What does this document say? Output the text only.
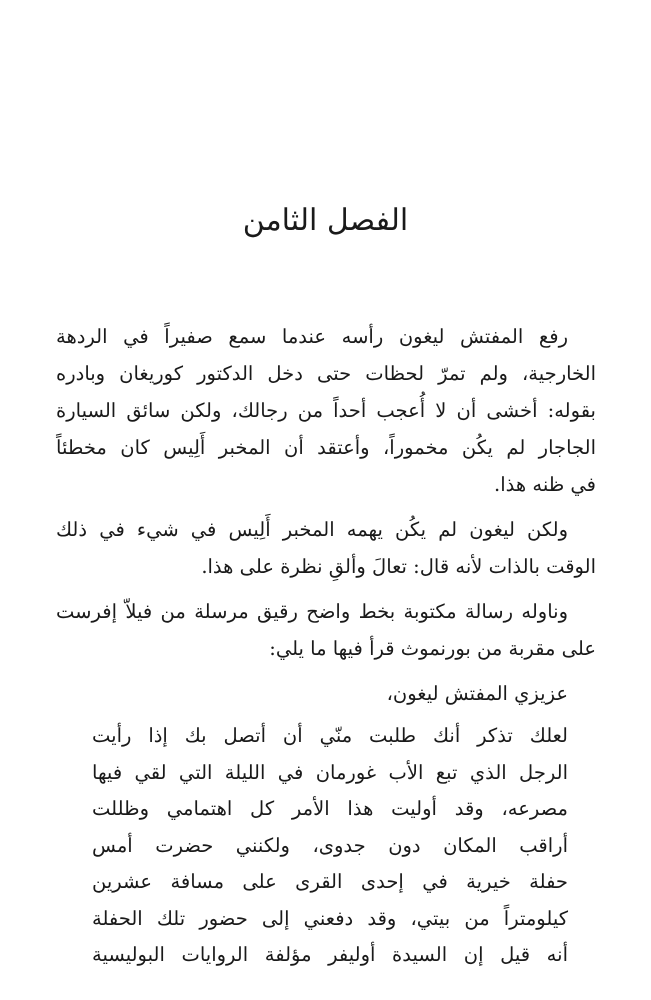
الفصل الثامن

رفع المفتش ليغون رأسه عندما سمع صفيراً في الردهة
الخارجية، ولم تمرّ لحظات حتى دخل الدكتور كوريغان وبادره
بقوله: أخشى أن لا أُعجب أحداً من رجالك، ولكن سائق السيارة
الجاجار لم يكُن مخموراً، وأعتقد أن المخبر أَلِيس كان مخطئاً
في ظنه هذا.

ولكن ليغون لم يكُن يهمه المخبر أَلِيس في شيء في ذلك
الوقت بالذات لأنه قال: تعالَ وألقِ نظرة على هذا.

وناوله رسالة مكتوبة بخط واضح رقيق مرسلة من فيلاّ إفرست
على مقربة من بورنموث قرأ فيها ما يلي:

عزيزي المفتش ليغون،

لعلك تذكر أنك طلبت منّي أن أتصل بك إذا رأيت
الرجل الذي تبع الأب غورمان في الليلة التي لقي فيها
مصرعه، وقد أوليت هذا الأمر كل اهتمامي وظللت
أراقب المكان دون جدوى، ولكنني حضرت أمس
حفلة خيرية في إحدى القرى على مسافة عشرين
كيلومتراً من بيتي، وقد دفعني إلى حضور تلك الحفلة
أنه قيل إن السيدة أوليفر مؤلفة الروايات البوليسية
